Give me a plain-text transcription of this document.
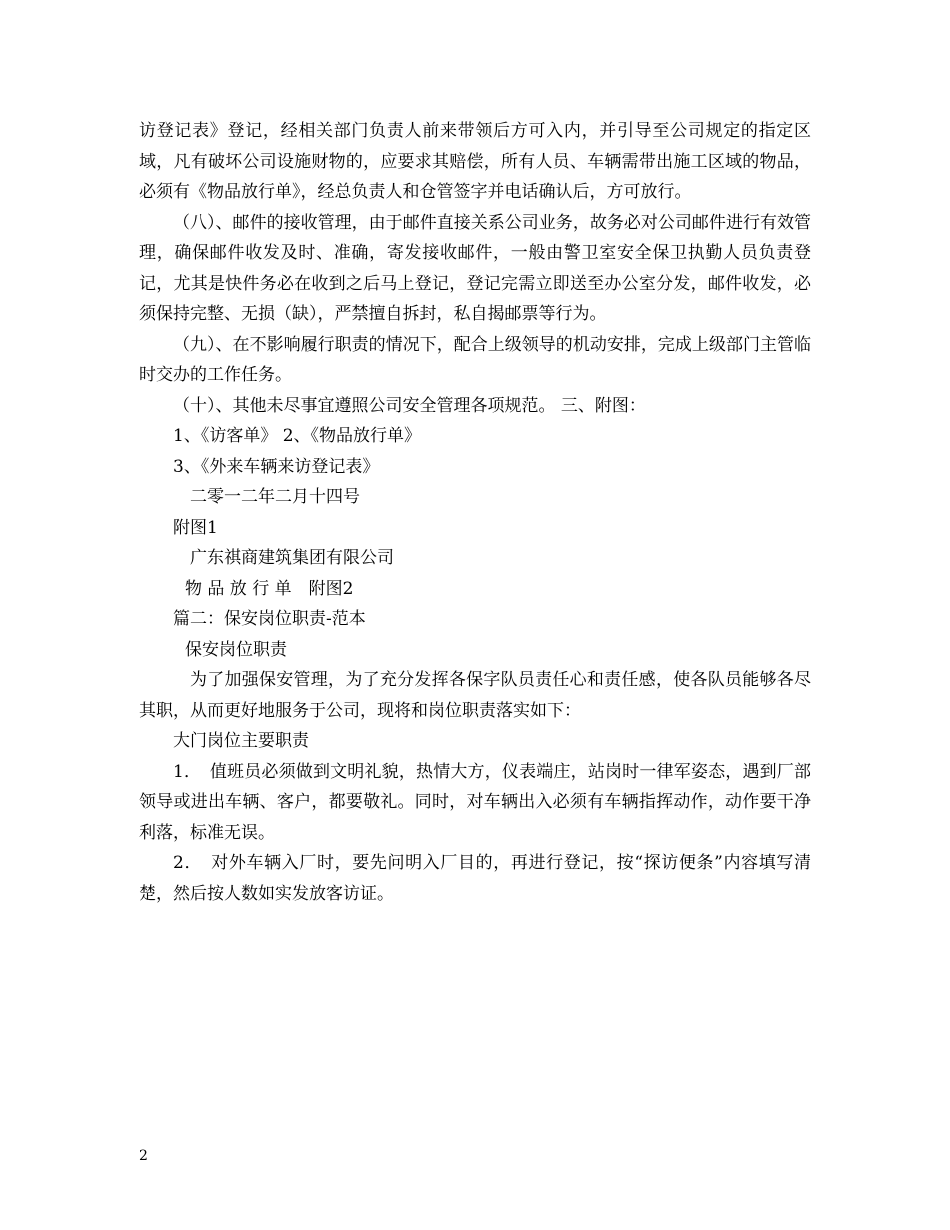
访登记表》登记，经相关部门负责人前来带领后方可入内，并引导至公司规定的指定区域，凡有破坏公司设施财物的，应要求其赔偿，所有人员、车辆需带出施工区域的物品，必须有《物品放行单》，经总负责人和仓管签字并电话确认后，方可放行。

（八）、邮件的接收管理，由于邮件直接关系公司业务，故务必对公司邮件进行有效管理，确保邮件收发及时、准确，寄发接收邮件，一般由警卫室安全保卫执勤人员负责登记，尤其是快件务必在收到之后马上登记，登记完需立即送至办公室分发，邮件收发，必须保持完整、无损（缺），严禁擅自拆封，私自揭邮票等行为。

（九）、在不影响履行职责的情况下，配合上级领导的机动安排，完成上级部门主管临时交办的工作任务。

（十）、其他未尽事宜遵照公司安全管理各项规范。 三、附图：

1、《访客单》 2、《物品放行单》

3、《外来车辆来访登记表》

二零一二年二月十四号

附图1

广东祺商建筑集团有限公司

物 品 放 行 单　附图2

篇二：保安岗位职责-范本

保安岗位职责

为了加强保安管理，为了充分发挥各保字队员责任心和责任感，使各队员能够各尽其职，从而更好地服务于公司，现将和岗位职责落实如下：

大门岗位主要职责

1．　值班员必须做到文明礼貌，热情大方，仪表端庄，站岗时一律军姿态，遇到厂部领导或进出车辆、客户，都要敬礼。同时，对车辆出入必须有车辆指挥动作，动作要干净利落，标准无误。

2．　对外车辆入厂时，要先问明入厂目的，再进行登记，按“探访便条”内容填写清楚，然后按人数如实发放客访证。

2
